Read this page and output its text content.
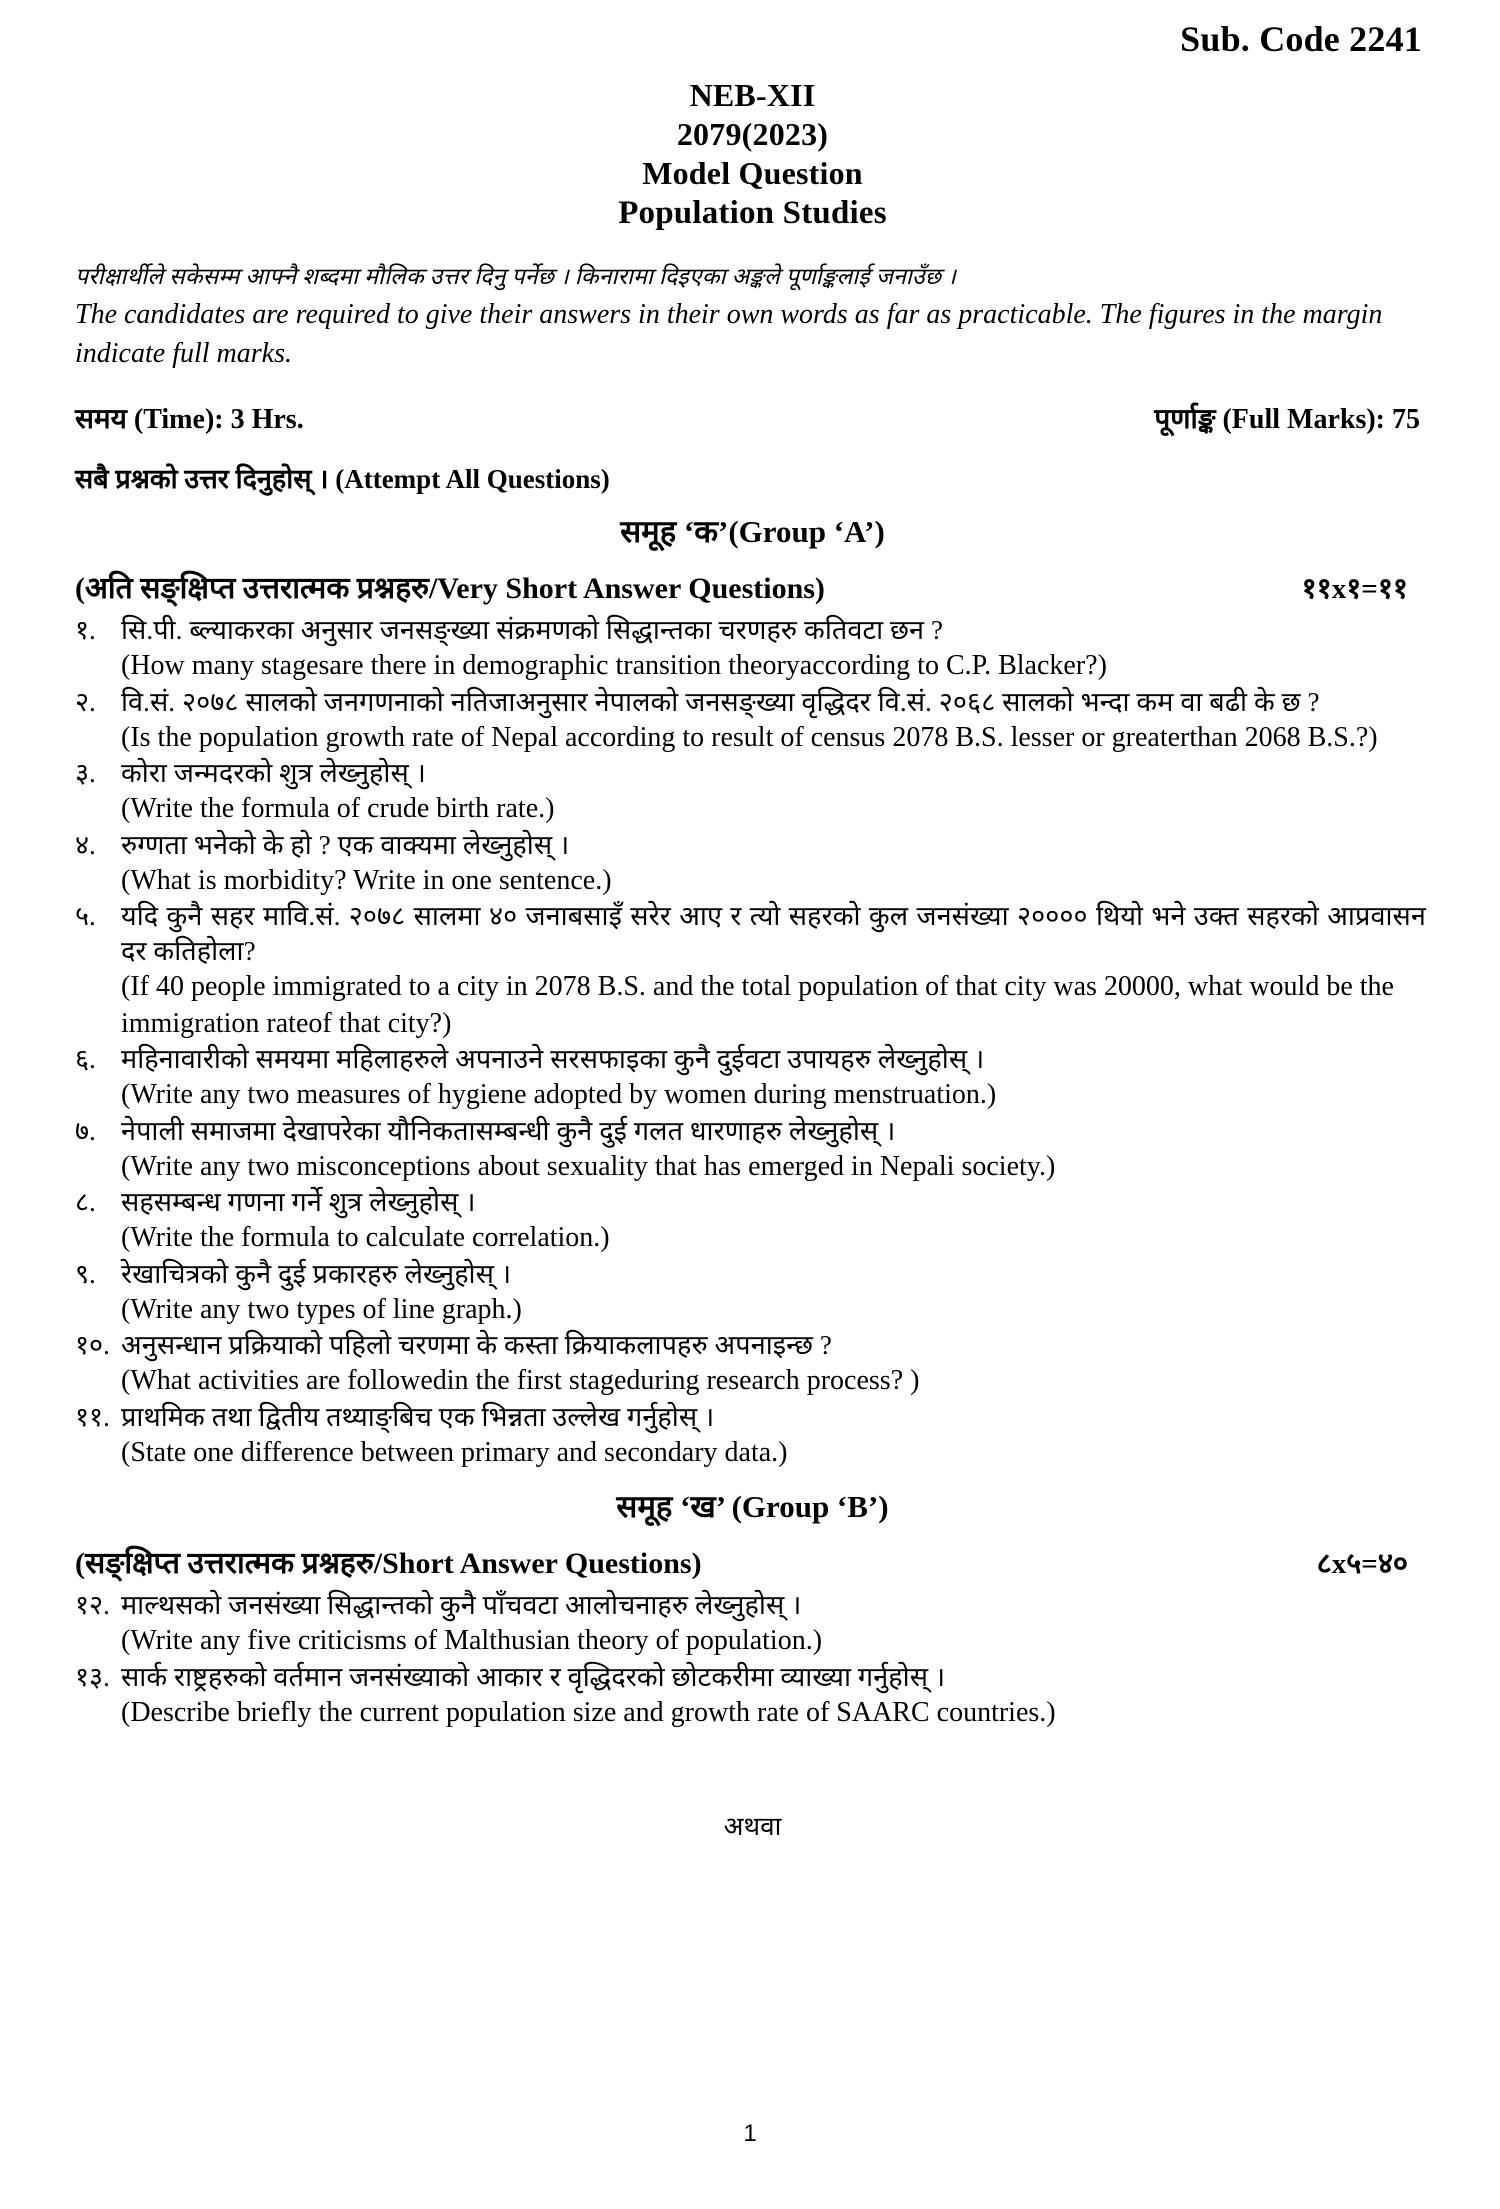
Sub. Code 2241
NEB-XII
2079(2023)
Model Question
Population Studies
परीक्षार्थीले सकेसम्म आफ्नै शब्दमा मौलिक उत्तर दिनु पर्नेछ । किनारामा दिइएका अङ्कले पूर्णाङ्कलाई जनाउँछ ।
The candidates are required to give their answers in their own words as far as practicable. The figures in the margin indicate full marks.
समय (Time): 3 Hrs.	पूर्णाङ्क (Full Marks): 75
सबै प्रश्नको उत्तर दिनुहोस् । (Attempt All Questions)
समूह ‘क’(Group ‘A’)
(अति सङ्क्षिप्त उत्तरात्मक प्रश्नहरु/Very Short Answer Questions)	११x१=११
१. सि.पी. ब्ल्याकरका अनुसार जनसङ्ख्या संक्रमणको सिद्धान्तका चरणहरु कतिवटा छन ?
(How many stagesare there in demographic transition theoryaccording to C.P. Blacker?)
२. वि.सं. २०७८ सालको जनगणनाको नतिजाअनुसार नेपालको जनसङ्ख्या वृद्धिदर वि.सं. २०६८ सालको भन्दा कम वा बढी के छ ?
(Is the population growth rate of Nepal according to result of census 2078 B.S. lesser or greaterthan 2068 B.S.?)
३. कोरा जन्मदरको शुत्र लेख्नुहोस् ।
(Write the formula of crude birth rate.)
४. रुग्णता भनेको के हो ? एक वाक्यमा लेख्नुहोस् ।
(What is morbidity? Write in one sentence.)
५. यदि कुनै सहर मावि.सं. २०७८ सालमा ४० जनाबसाइँ सरेर आए र त्यो सहरको कुल जनसंख्या २०००० थियो भने उक्त सहरको आप्रवासन दर कतिहोला?
(If 40 people immigrated to a city in 2078 B.S. and the total population of that city was 20000, what would be the immigration rateof that city?)
६. महिनावारीको समयमा महिलाहरुले अपनाउने सरसफाइका कुनै दुईवटा उपायहरु लेख्नुहोस् ।
(Write any two measures of hygiene adopted by women during menstruation.)
७. नेपाली समाजमा देखापरेका यौनिकतासम्बन्धी कुनै दुई गलत धारणाहरु लेख्नुहोस् ।
(Write any two misconceptions about sexuality that has emerged in Nepali society.)
८. सहसम्बन्ध गणना गर्ने शुत्र लेख्नुहोस् ।
(Write the formula to calculate correlation.)
९. रेखाचित्रको कुनै दुई प्रकारहरु लेख्नुहोस् ।
(Write any two types of line graph.)
१०. अनुसन्धान प्रक्रियाको पहिलो चरणमा के कस्ता क्रियाकलापहरु अपनाइन्छ ?
(What activities are followedin the first stageduring research process? )
११. प्राथमिक तथा द्वितीय तथ्याङ्बिच एक भिन्नता उल्लेख गर्नुहोस् ।
(State one difference between primary and secondary data.)
समूह ‘ख’ (Group ‘B’)
(सङ्क्षिप्त उत्तरात्मक प्रश्नहरु/Short Answer Questions)	८x५=४०
१२. माल्थसको जनसंख्या सिद्धान्तको कुनै पाँचवटा आलोचनाहरु लेख्नुहोस् ।
(Write any five criticisms of Malthusian theory of population.)
१३. सार्क राष्ट्रहरुको वर्तमान जनसंख्याको आकार र वृद्धिदरको छोटकरीमा व्याख्या गर्नुहोस् ।
(Describe briefly the current population size and growth rate of SAARC countries.)
अथवा
1
